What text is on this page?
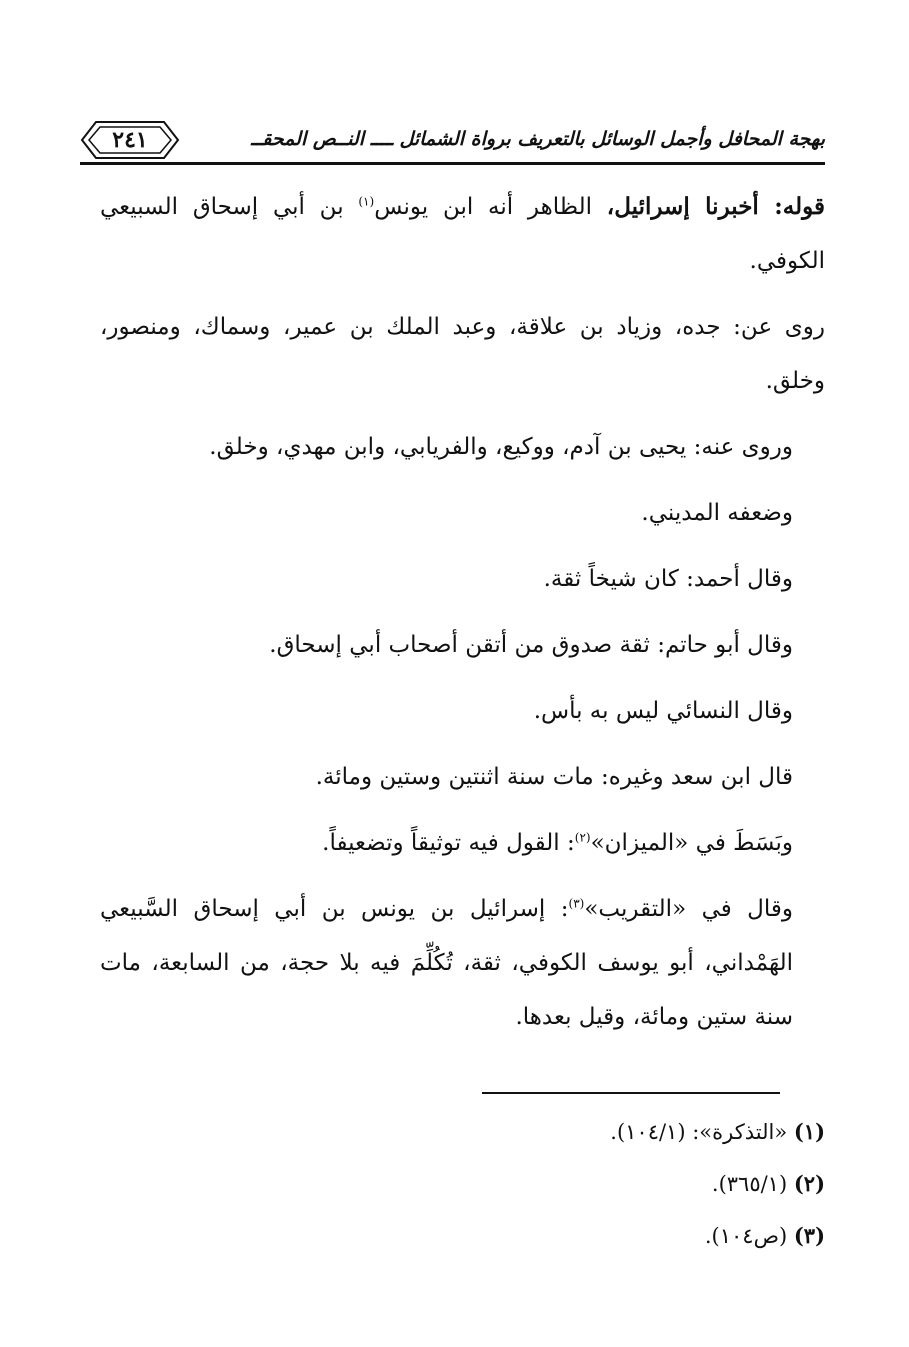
بهجة المحافل وأجمل الوسائل بالتعريف برواة الشمائل ــــ النــص المحقــ
٢٤١

قوله: أخبرنا إسرائيل، الظاهر أنه ابن يونس$^{(١)}$ بن أبي إسحاق السبيعي الكوفي.

روى عن: جده، وزياد بن علاقة، وعبد الملك بن عمير، وسماك، ومنصور، وخلق.

وروى عنه: يحيى بن آدم، ووكيع، والفريابي، وابن مهدي، وخلق.

وضعفه المديني.

وقال أحمد: كان شيخاً ثقة.

وقال أبو حاتم: ثقة صدوق من أتقن أصحاب أبي إسحاق.

وقال النسائي ليس به بأس.

قال ابن سعد وغيره: مات سنة اثنتين وستين ومائة.

وبَسَطَ في «الميزان»$^{(٢)}$: القول فيه توثيقاً وتضعيفاً.

وقال في «التقريب»$^{(٣)}$: إسرائيل بن يونس بن أبي إسحاق السَّبيعي الهَمْداني، أبو يوسف الكوفي، ثقة، تُكُلِّمَ فيه بلا حجة، من السابعة، مات سنة ستين ومائة، وقيل بعدها.

(١) «التذكرة»: (١٠٤/١).

(٢) (٣٦٥/١).

(٣) (ص١٠٤).
